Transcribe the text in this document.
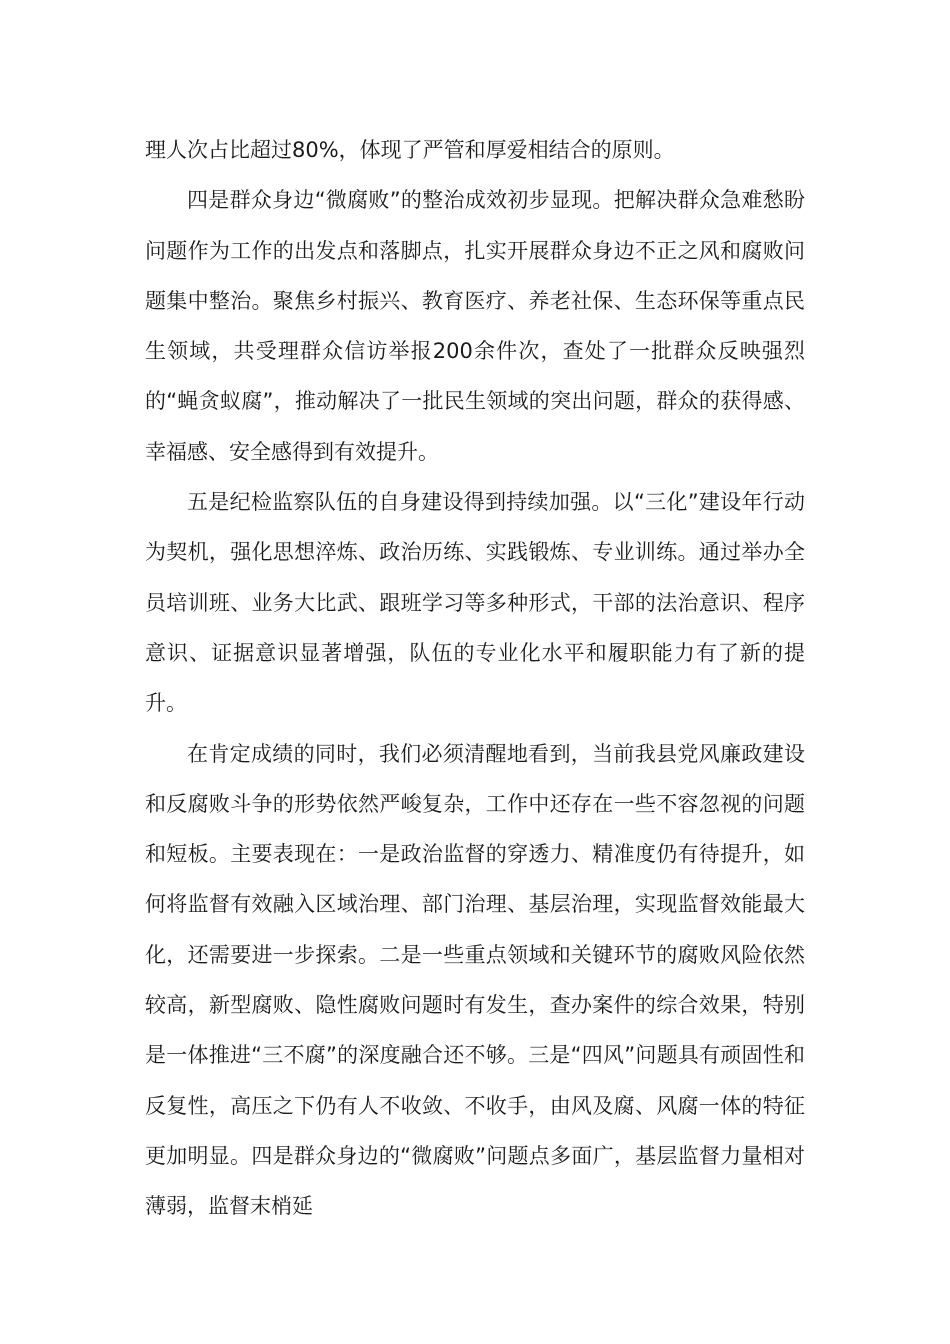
理人次占比超过80%，体现了严管和厚爱相结合的原则。

四是群众身边“微腐败”的整治成效初步显现。把解决群众急难愁盼问题作为工作的出发点和落脚点，扎实开展群众身边不正之风和腐败问题集中整治。聚焦乡村振兴、教育医疗、养老社保、生态环保等重点民生领域，共受理群众信访举报200余件次，查处了一批群众反映强烈的“蝇贪蚁腐”，推动解决了一批民生领域的突出问题，群众的获得感、幸福感、安全感得到有效提升。

五是纪检监察队伍的自身建设得到持续加强。以“三化”建设年行动为契机，强化思想淬炼、政治历练、实践锻炼、专业训练。通过举办全员培训班、业务大比武、跟班学习等多种形式，干部的法治意识、程序意识、证据意识显著增强，队伍的专业化水平和履职能力有了新的提升。

在肯定成绩的同时，我们必须清醒地看到，当前我县党风廉政建设和反腐败斗争的形势依然严峻复杂，工作中还存在一些不容忽视的问题和短板。主要表现在：一是政治监督的穿透力、精准度仍有待提升，如何将监督有效融入区域治理、部门治理、基层治理，实现监督效能最大化，还需要进一步探索。二是一些重点领域和关键环节的腐败风险依然较高，新型腐败、隐性腐败问题时有发生，查办案件的综合效果，特别是一体推进“三不腐”的深度融合还不够。三是“四风”问题具有顽固性和反复性，高压之下仍有人不收敛、不收手，由风及腐、风腐一体的特征更加明显。四是群众身边的“微腐败”问题点多面广，基层监督力量相对薄弱，监督末梢延
